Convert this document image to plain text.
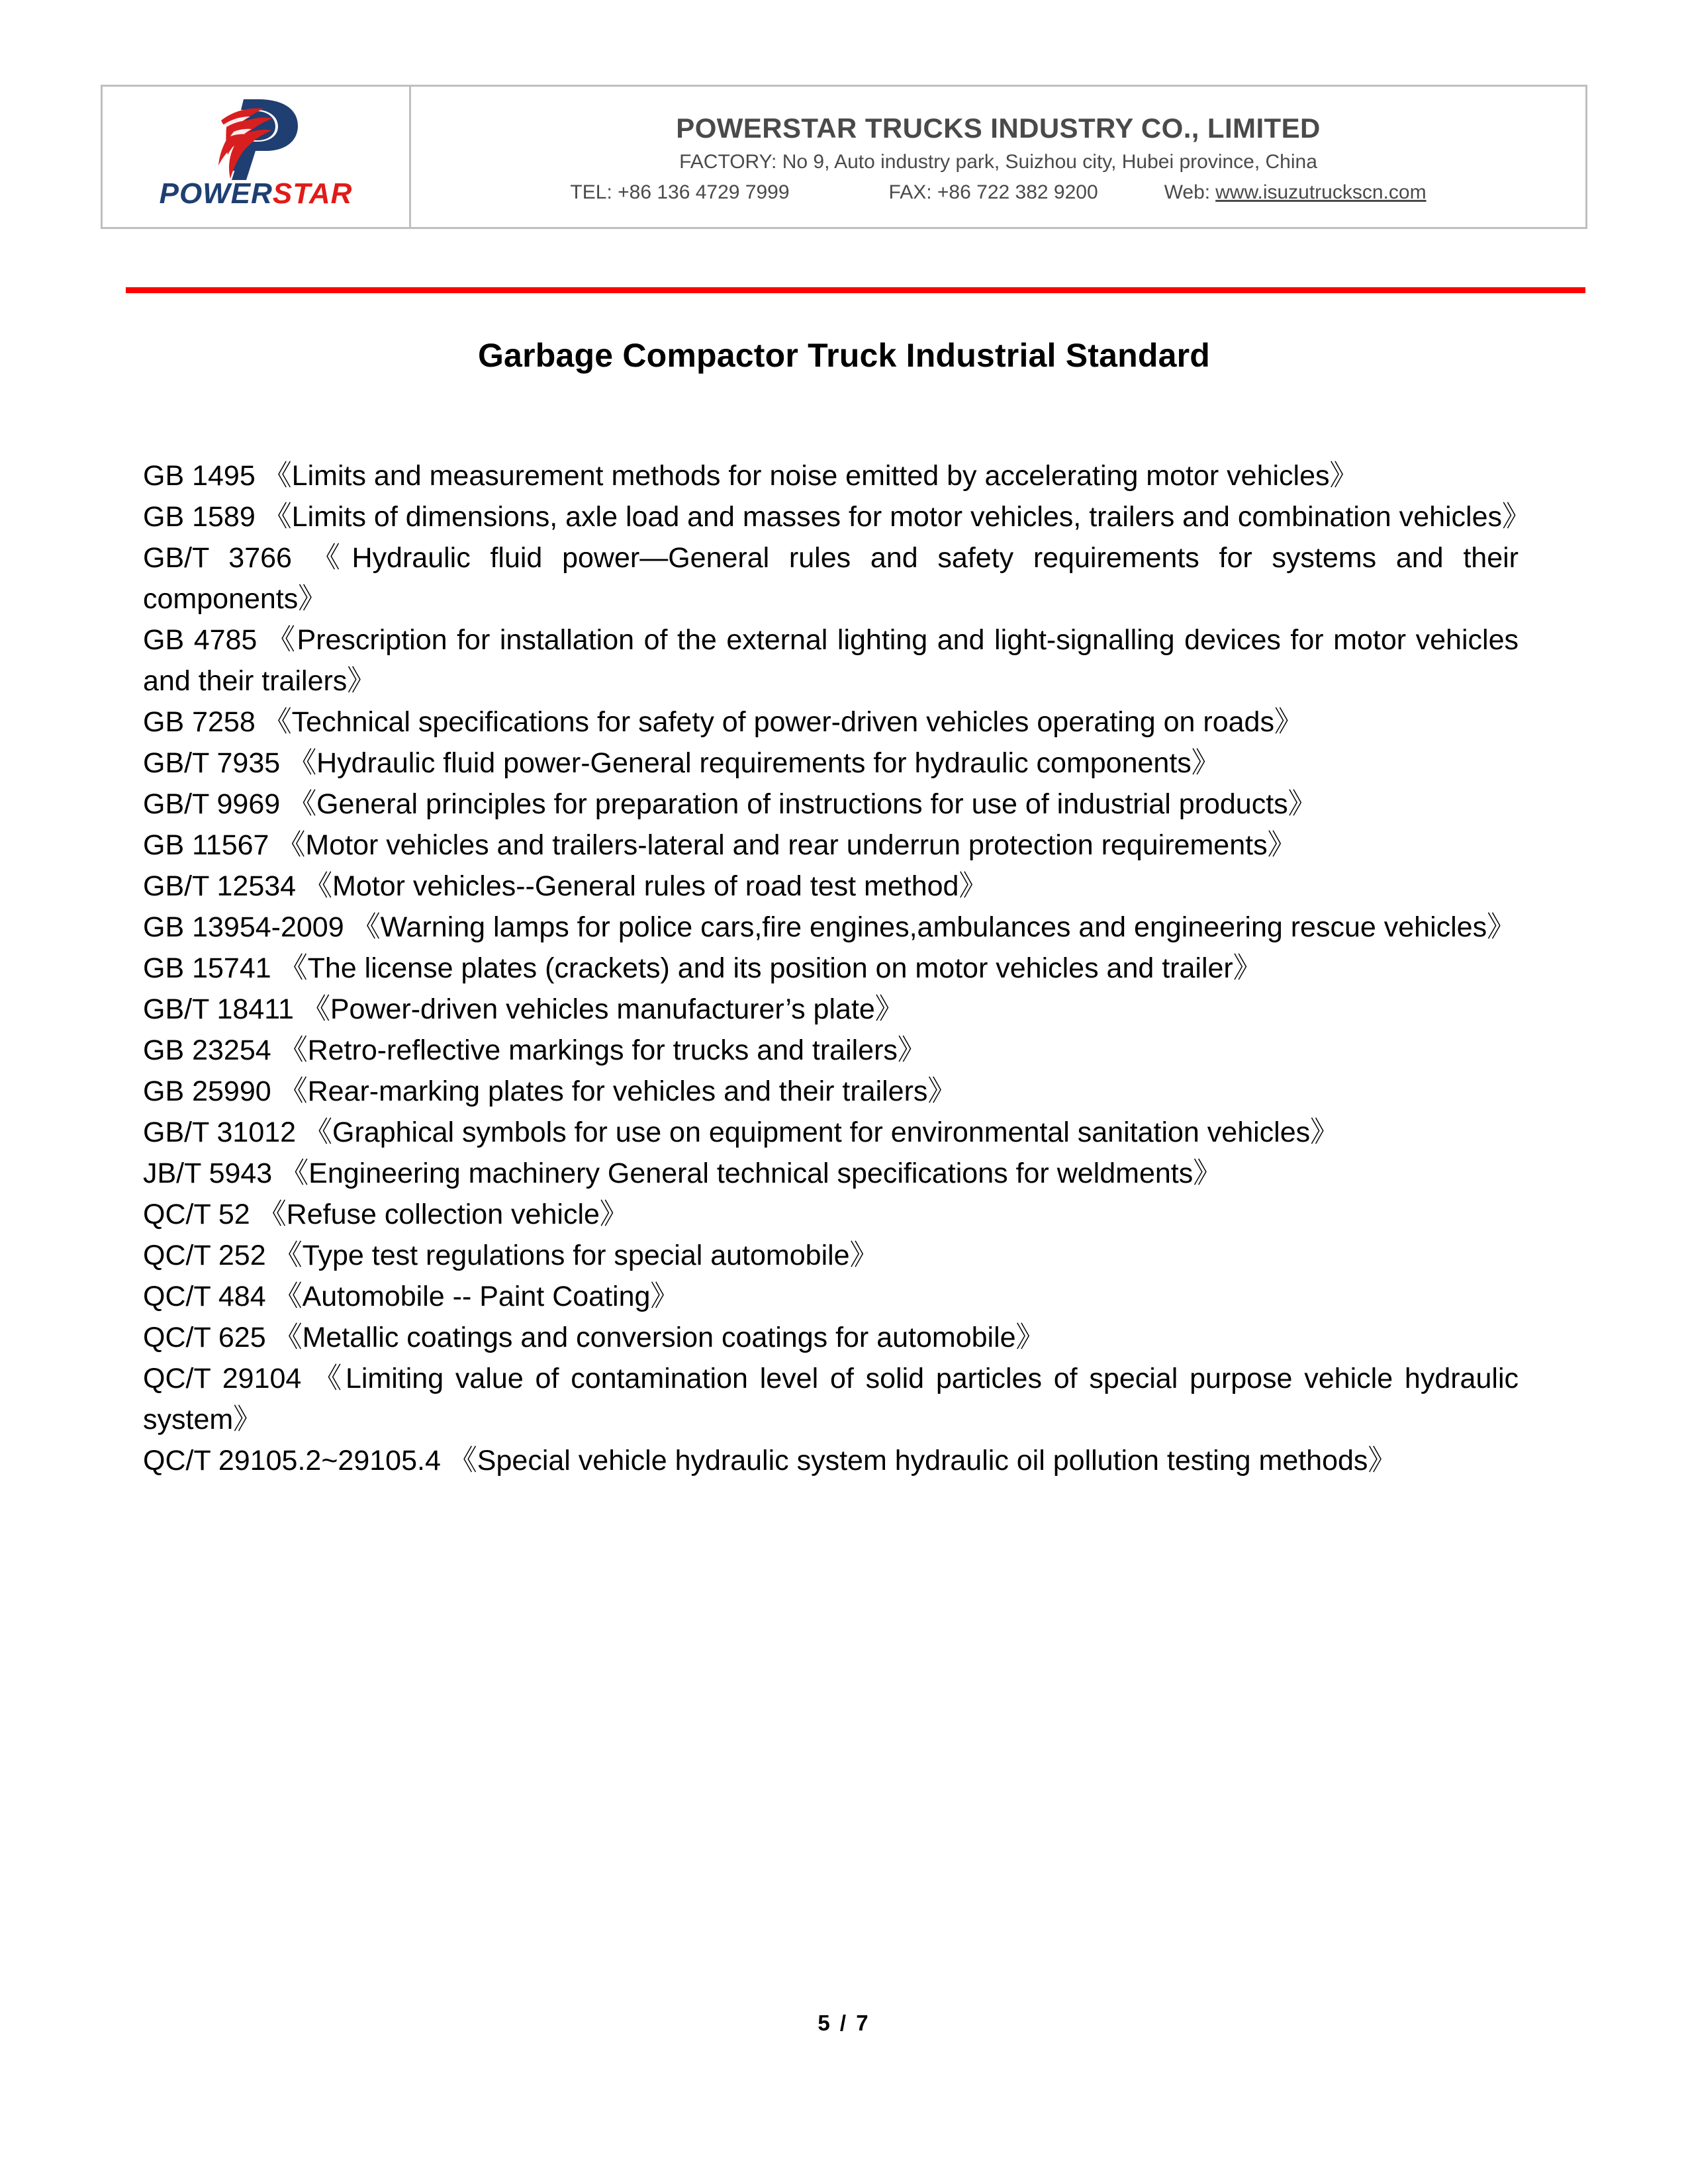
POWERSTAR
POWERSTAR TRUCKS INDUSTRY CO., LIMITED
FACTORY: No 9, Auto industry park, Suizhou city, Hubei province, China
TEL: +86 136 4729 7999	FAX: +86 722 382 9200	Web: www.isuzutruckscn.com
Garbage Compactor Truck Industrial Standard

GB 1495 《Limits and measurement methods for noise emitted by accelerating motor vehicles》

GB 1589 《Limits of dimensions, axle load and masses for motor vehicles, trailers and combination vehicles》

GB/T 3766 《Hydraulic fluid power—General rules and safety requirements for systems and their components》

GB 4785 《Prescription for installation of the external lighting and light-signalling devices for motor vehicles and their trailers》

GB 7258 《Technical specifications for safety of power-driven vehicles operating on roads》

GB/T 7935 《Hydraulic fluid power-General requirements for hydraulic components》

GB/T 9969 《General principles for preparation of instructions for use of industrial products》

GB 11567 《Motor vehicles and trailers-lateral and rear underrun protection requirements》

GB/T 12534 《Motor vehicles--General rules of road test method》

GB 13954-2009 《Warning lamps for police cars,fire engines,ambulances and engineering rescue vehicles》

GB 15741 《The license plates (crackets) and its position on motor vehicles and trailer》

GB/T 18411 《Power-driven vehicles manufacturer’s plate》

GB 23254 《Retro-reflective markings for trucks and trailers》

GB 25990 《Rear-marking plates for vehicles and their trailers》

GB/T 31012 《Graphical symbols for use on equipment for environmental sanitation vehicles》

JB/T 5943 《Engineering machinery General technical specifications for weldments》

QC/T 52 《Refuse collection vehicle》

QC/T 252 《Type test regulations for special automobile》

QC/T 484 《Automobile -- Paint Coating》

QC/T 625 《Metallic coatings and conversion coatings for automobile》

QC/T 29104 《Limiting value of contamination level of solid particles of special purpose vehicle hydraulic system》

QC/T 29105.2~29105.4 《Special vehicle hydraulic system hydraulic oil pollution testing methods》

5 / 7
